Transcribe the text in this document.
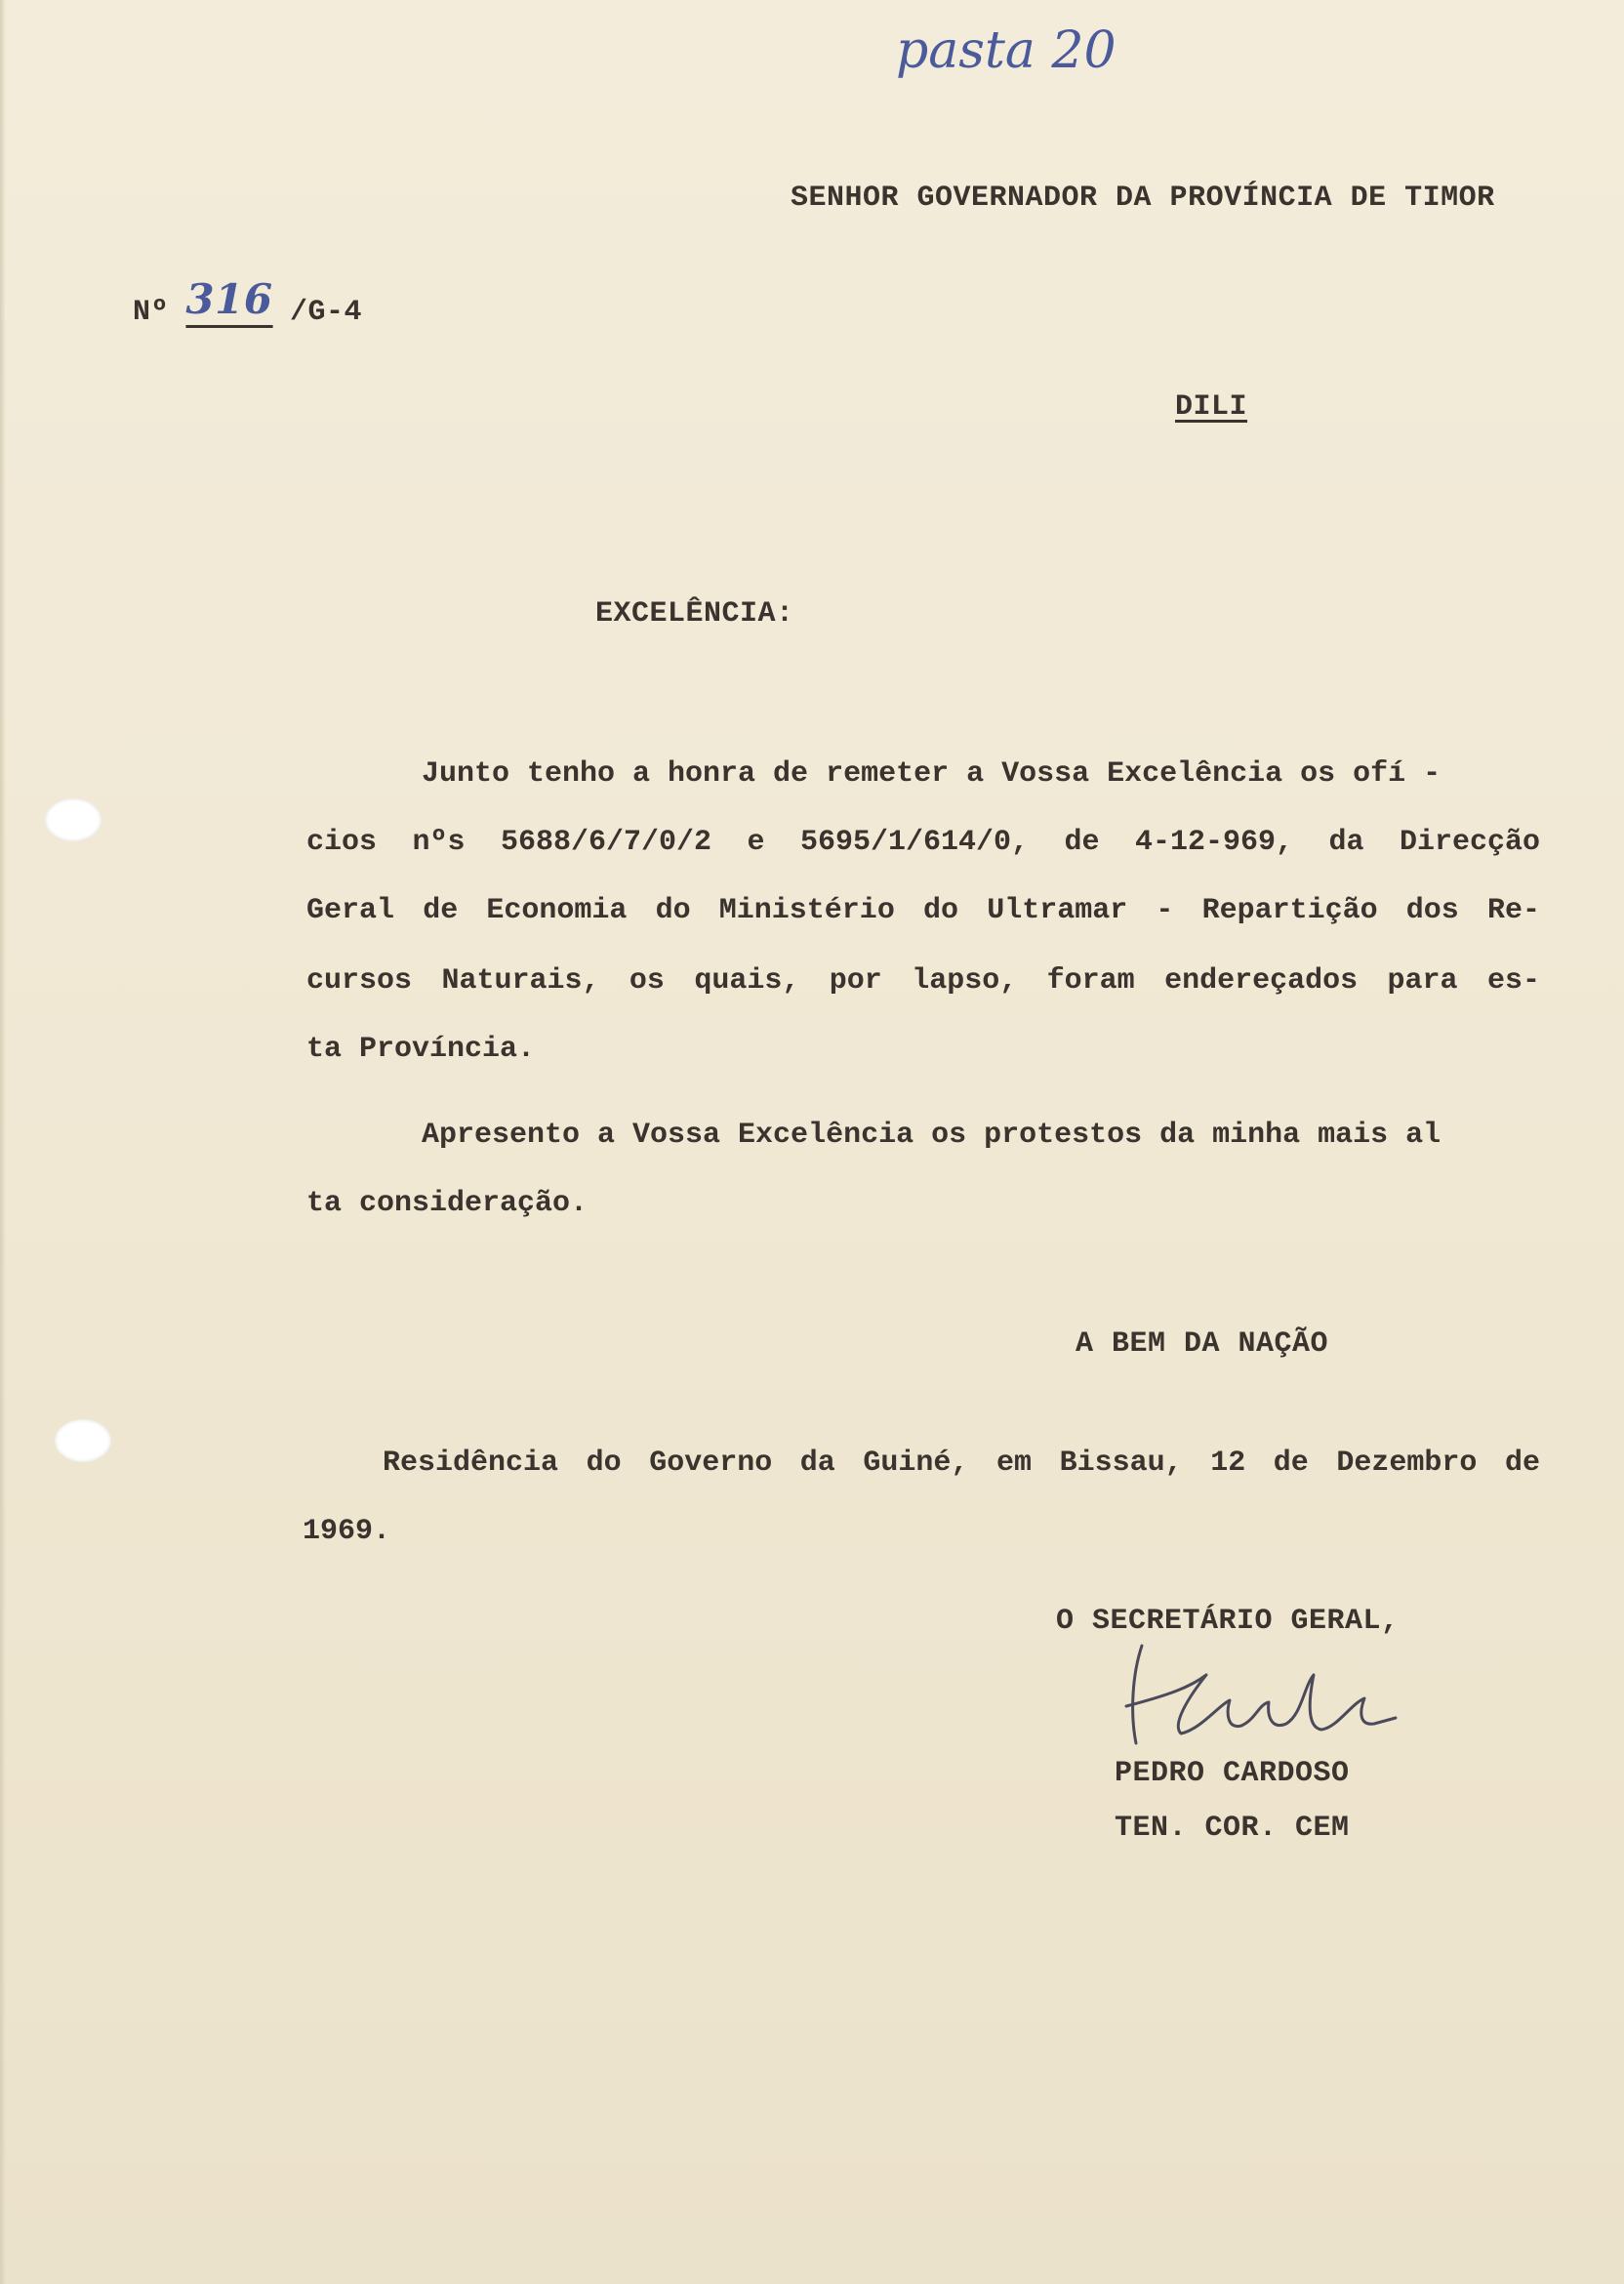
pasta 20
SENHOR GOVERNADOR DA PROVÍNCIA DE TIMOR
Nº 316 /G-4
DILI
EXCELÊNCIA:
Junto tenho a honra de remeter a Vossa Excelência os ofí -
cios nºs 5688/6/7/0/2 e 5695/1/614/0, de 4-12-969, da Direcção
Geral de Economia do Ministério do Ultramar - Repartição dos Re-
cursos Naturais, os quais, por lapso, foram endereçados para es-
ta Província.
Apresento a Vossa Excelência os protestos da minha mais al
ta consideração.
A BEM DA NAÇÃO
Residência do Governo da Guiné, em Bissau, 12 de Dezembro de
1969.
O SECRETÁRIO GERAL,
PEDRO CARDOSO
TEN. COR. CEM
